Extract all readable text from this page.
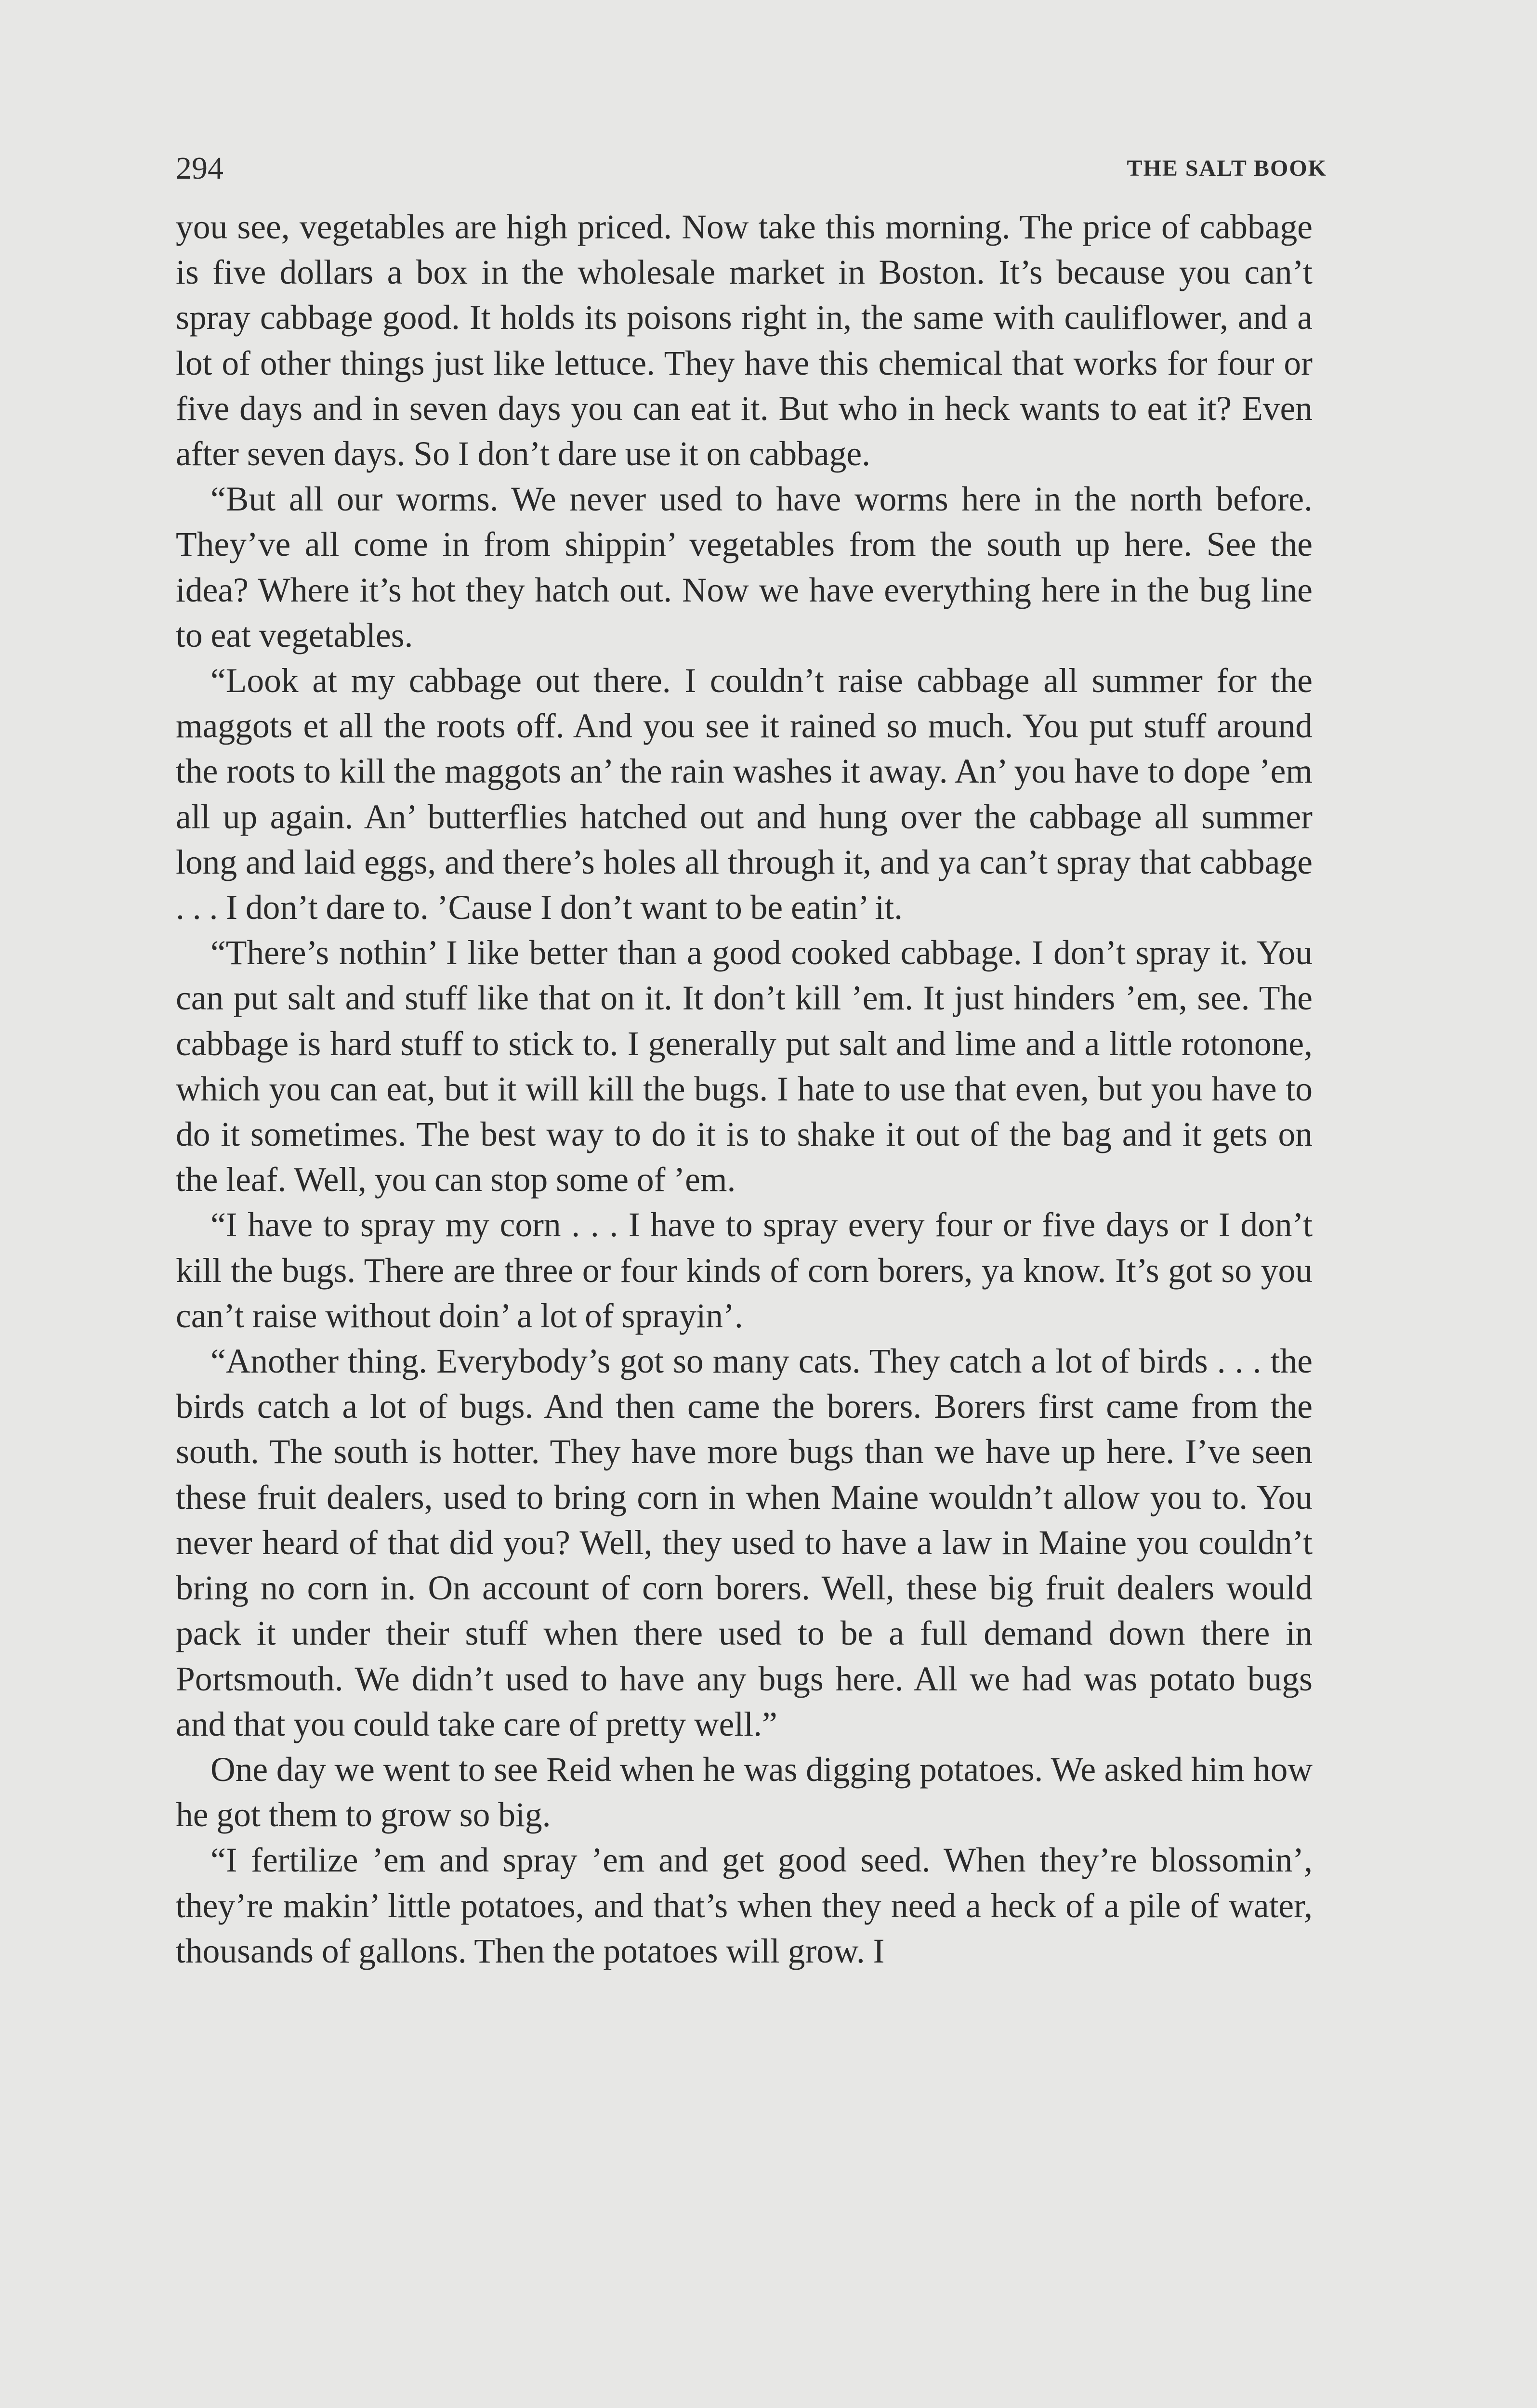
294	THE SALT BOOK

you see, vegetables are high priced. Now take this morning. The price of cabbage is five dollars a box in the wholesale market in Boston. It’s because you can’t spray cabbage good. It holds its poisons right in, the same with cauliflower, and a lot of other things just like lettuce. They have this chemical that works for four or five days and in seven days you can eat it. But who in heck wants to eat it? Even after seven days. So I don’t dare use it on cabbage.

“But all our worms. We never used to have worms here in the north before. They’ve all come in from shippin’ vegetables from the south up here. See the idea? Where it’s hot they hatch out. Now we have everything here in the bug line to eat vegetables.

“Look at my cabbage out there. I couldn’t raise cabbage all summer for the maggots et all the roots off. And you see it rained so much. You put stuff around the roots to kill the maggots an’ the rain washes it away. An’ you have to dope ’em all up again. An’ butterflies hatched out and hung over the cabbage all summer long and laid eggs, and there’s holes all through it, and ya can’t spray that cabbage . . . I don’t dare to. ’Cause I don’t want to be eatin’ it.

“There’s nothin’ I like better than a good cooked cabbage. I don’t spray it. You can put salt and stuff like that on it. It don’t kill ’em. It just hinders ’em, see. The cabbage is hard stuff to stick to. I generally put salt and lime and a little rotonone, which you can eat, but it will kill the bugs. I hate to use that even, but you have to do it sometimes. The best way to do it is to shake it out of the bag and it gets on the leaf. Well, you can stop some of ’em.

“I have to spray my corn . . . I have to spray every four or five days or I don’t kill the bugs. There are three or four kinds of corn borers, ya know. It’s got so you can’t raise without doin’ a lot of sprayin’.

“Another thing. Everybody’s got so many cats. They catch a lot of birds . . . the birds catch a lot of bugs. And then came the borers. Borers first came from the south. The south is hotter. They have more bugs than we have up here. I’ve seen these fruit dealers, used to bring corn in when Maine wouldn’t allow you to. You never heard of that did you? Well, they used to have a law in Maine you couldn’t bring no corn in. On account of corn borers. Well, these big fruit dealers would pack it under their stuff when there used to be a full demand down there in Portsmouth. We didn’t used to have any bugs here. All we had was potato bugs and that you could take care of pretty well.”

One day we went to see Reid when he was digging potatoes. We asked him how he got them to grow so big.

“I fertilize ’em and spray ’em and get good seed. When they’re blossomin’, they’re makin’ little potatoes, and that’s when they need a heck of a pile of water, thousands of gallons. Then the potatoes will grow. I
